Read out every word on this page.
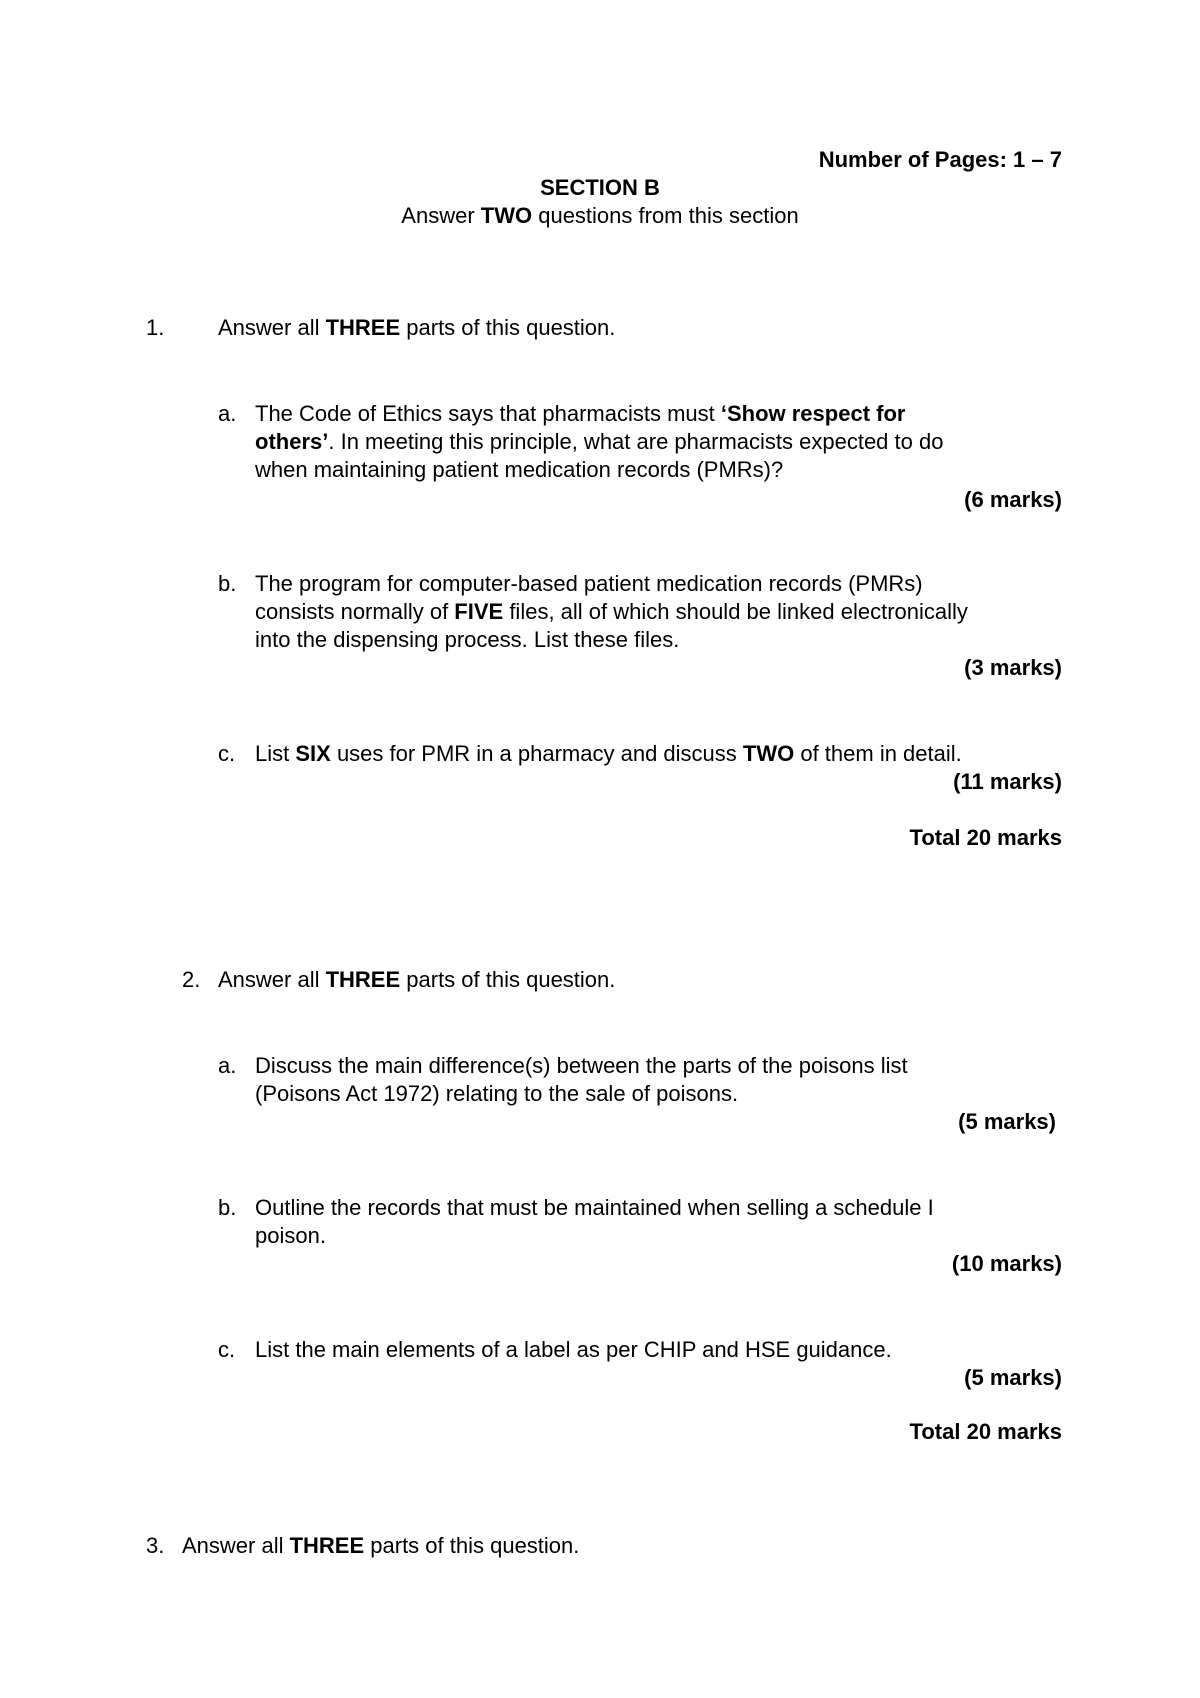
Number of Pages: 1 – 7
SECTION B
Answer TWO questions from this section
1. Answer all THREE parts of this question.
a. The Code of Ethics says that pharmacists must ‘Show respect for
others’. In meeting this principle, what are pharmacists expected to do
when maintaining patient medication records (PMRs)?
(6 marks)
b. The program for computer-based patient medication records (PMRs)
consists normally of FIVE files, all of which should be linked electronically
into the dispensing process. List these files.
(3 marks)
c. List SIX uses for PMR in a pharmacy and discuss TWO of them in detail.
(11 marks)
Total 20 marks
2. Answer all THREE parts of this question.
a. Discuss the main difference(s) between the parts of the poisons list
(Poisons Act 1972) relating to the sale of poisons.
(5 marks)
b. Outline the records that must be maintained when selling a schedule I
poison.
(10 marks)
c. List the main elements of a label as per CHIP and HSE guidance.
(5 marks)
Total 20 marks
3. Answer all THREE parts of this question.
